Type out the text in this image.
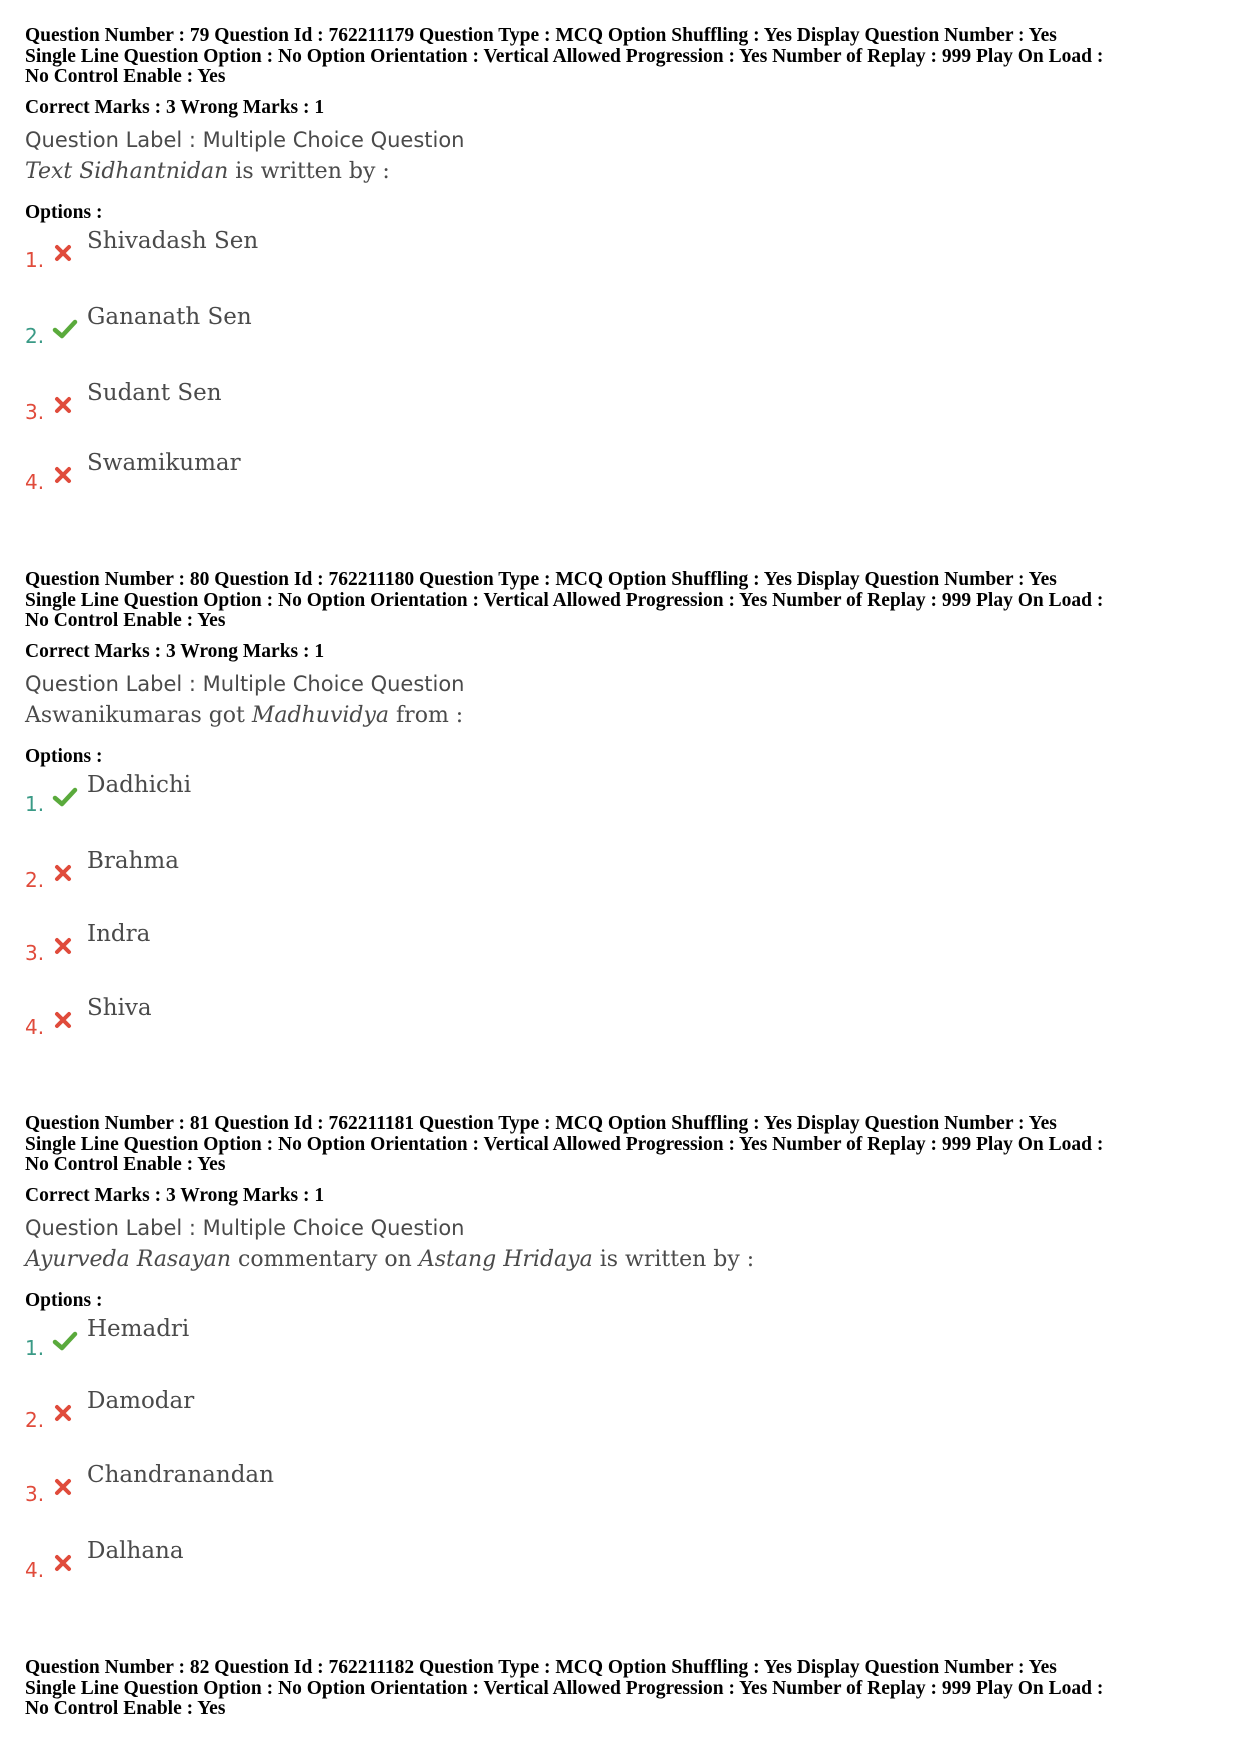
Question Number : 79 Question Id : 762211179 Question Type : MCQ Option Shuffling : Yes Display Question Number : Yes
Single Line Question Option : No Option Orientation : Vertical Allowed Progression : Yes Number of Replay : 999 Play On Load :
No Control Enable : Yes
Correct Marks : 3 Wrong Marks : 1
Question Label : Multiple Choice Question
Text Sidhantnidan is written by :
Options :
1.
Shivadash Sen
2.
Gananath Sen
3.
Sudant Sen
4.
Swamikumar
Question Number : 80 Question Id : 762211180 Question Type : MCQ Option Shuffling : Yes Display Question Number : Yes
Single Line Question Option : No Option Orientation : Vertical Allowed Progression : Yes Number of Replay : 999 Play On Load :
No Control Enable : Yes
Correct Marks : 3 Wrong Marks : 1
Question Label : Multiple Choice Question
Aswanikumaras got Madhuvidya from :
Options :
1.
Dadhichi
2.
Brahma
3.
Indra
4.
Shiva
Question Number : 81 Question Id : 762211181 Question Type : MCQ Option Shuffling : Yes Display Question Number : Yes
Single Line Question Option : No Option Orientation : Vertical Allowed Progression : Yes Number of Replay : 999 Play On Load :
No Control Enable : Yes
Correct Marks : 3 Wrong Marks : 1
Question Label : Multiple Choice Question
Ayurveda Rasayan commentary on Astang Hridaya is written by :
Options :
1.
Hemadri
2.
Damodar
3.
Chandranandan
4.
Dalhana
Question Number : 82 Question Id : 762211182 Question Type : MCQ Option Shuffling : Yes Display Question Number : Yes
Single Line Question Option : No Option Orientation : Vertical Allowed Progression : Yes Number of Replay : 999 Play On Load :
No Control Enable : Yes
